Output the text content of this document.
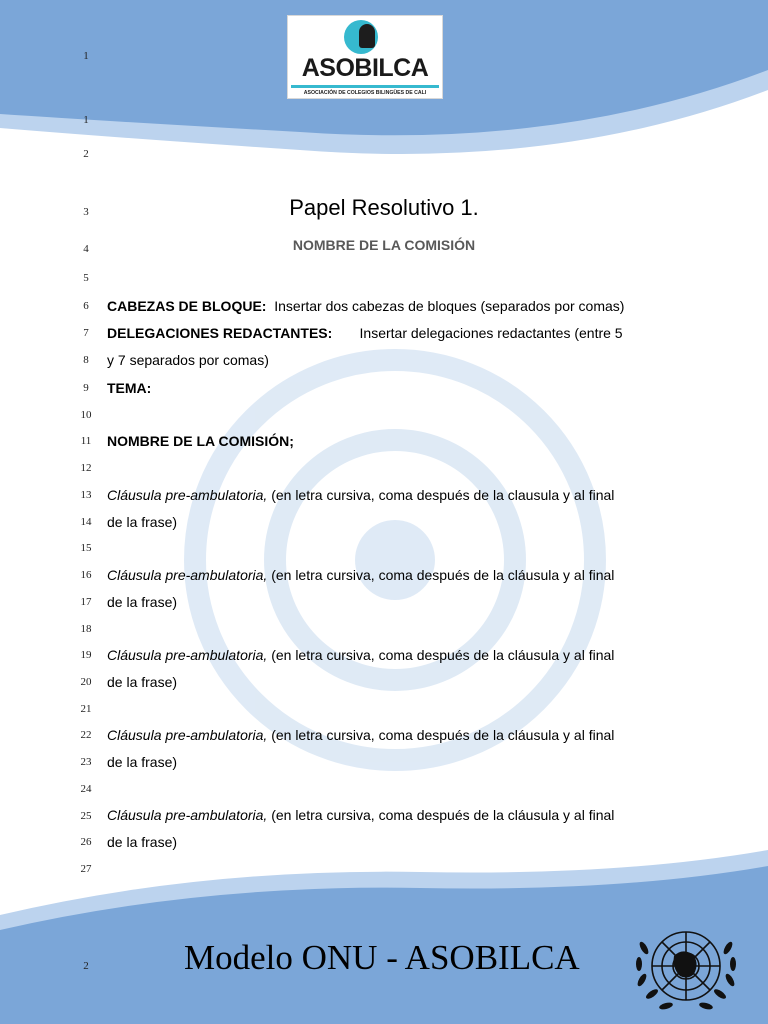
ASOBILCA
ASOCIACIÓN DE COLEGIOS BILINGÜES DE CALI
1
1
2
3
4
5
6
7
8
9
10
11
12
13
14
15
16
17
18
19
20
21
22
23
24
25
26
27
Papel Resolutivo 1.
NOMBRE DE LA COMISIÓN
CABEZAS DE BLOQUE: Insertar dos cabezas de bloques (separados por comas)
DELEGACIONES REDACTANTES: Insertar delegaciones redactantes (entre 5
y 7 separados por comas)
TEMA:
NOMBRE DE LA COMISIÓN;
Cláusula pre-ambulatoria, (en letra cursiva, coma después de la clausula y al final
de la frase)
Cláusula pre-ambulatoria, (en letra cursiva, coma después de la cláusula y al final
de la frase)
Cláusula pre-ambulatoria, (en letra cursiva, coma después de la cláusula y al final
de la frase)
Cláusula pre-ambulatoria, (en letra cursiva, coma después de la cláusula y al final
de la frase)
Cláusula pre-ambulatoria, (en letra cursiva, coma después de la cláusula y al final
de la frase)
2	Modelo ONU - ASOBILCA
